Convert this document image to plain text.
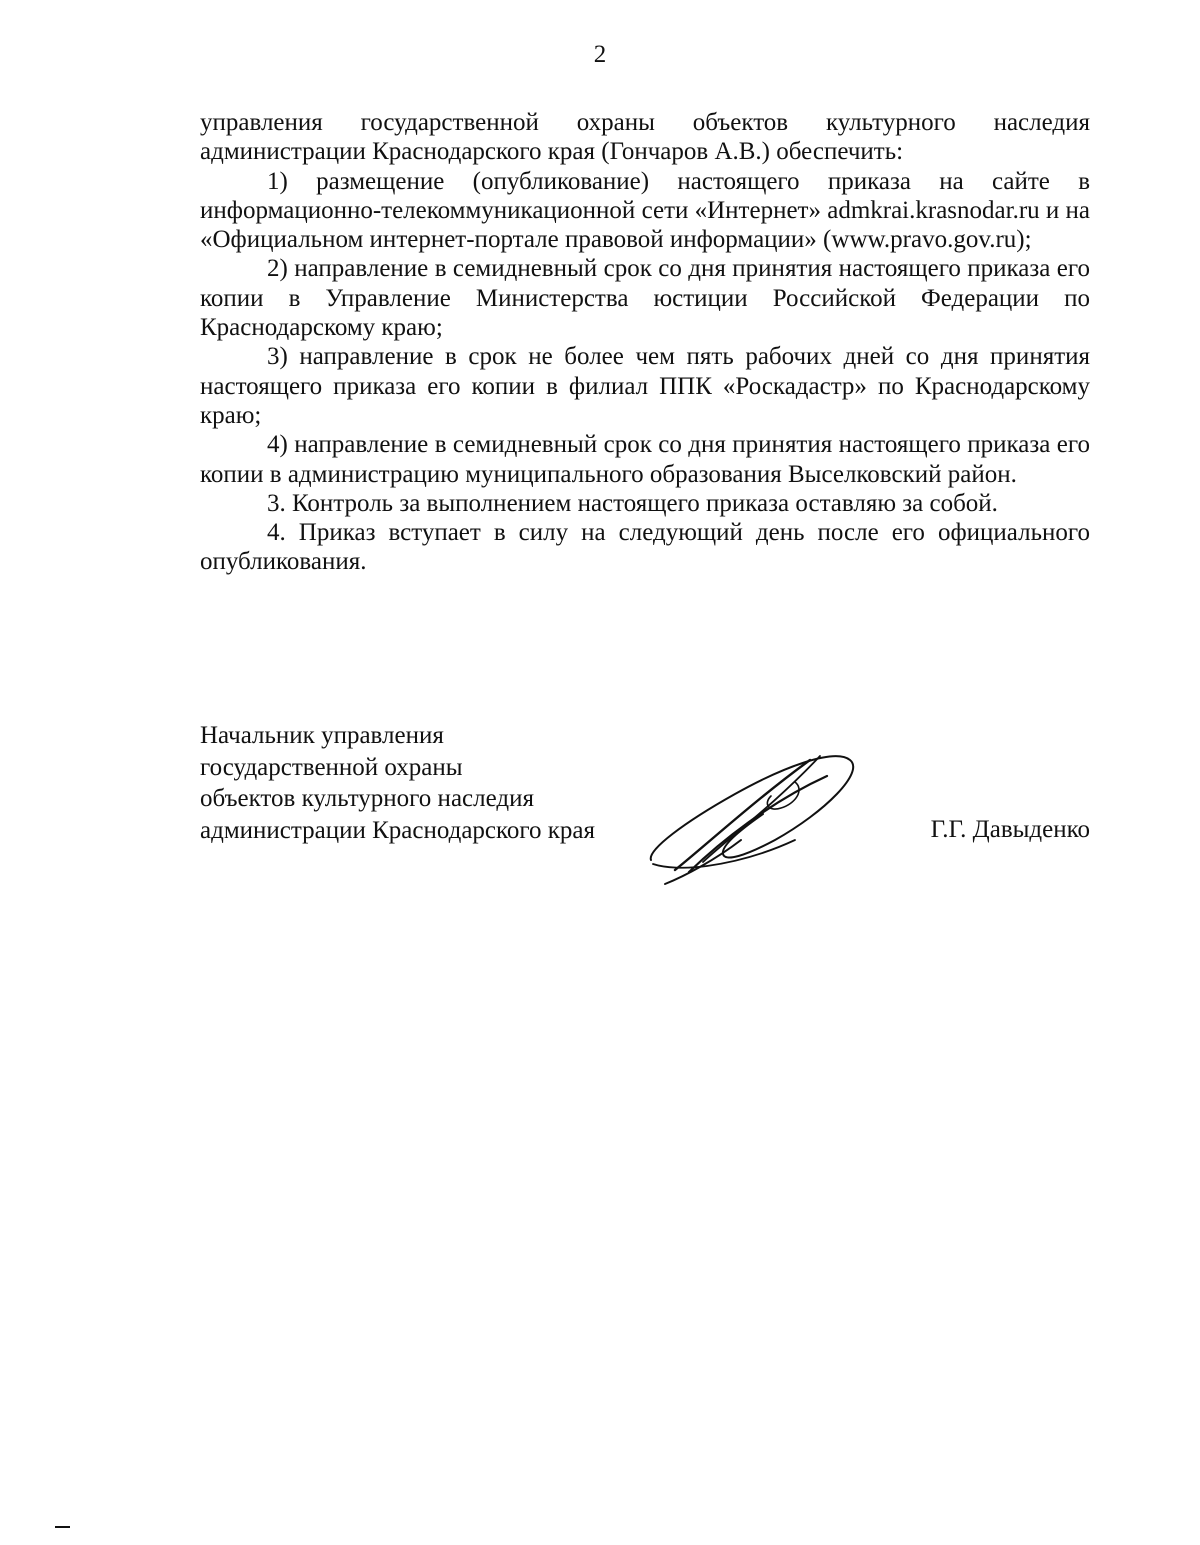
2

управления государственной охраны объектов культурного наследия администрации Краснодарского края (Гончаров А.В.) обеспечить:

1) размещение (опубликование) настоящего приказа на сайте в информационно-телекоммуникационной сети «Интернет» admkrai.krasnodar.ru и на «Официальном интернет-портале правовой информации» (www.pravo.gov.ru);

2) направление в семидневный срок со дня принятия настоящего приказа его копии в Управление Министерства юстиции Российской Федерации по Краснодарскому краю;

3) направление в срок не более чем пять рабочих дней со дня принятия настоящего приказа его копии в филиал ППК «Роскадастр» по Краснодарскому краю;

4) направление в семидневный срок со дня принятия настоящего приказа его копии в администрацию муниципального образования Выселковский район.

3. Контроль за выполнением настоящего приказа оставляю за собой.

4. Приказ вступает в силу на следующий день после его официального опубликования.

Начальник управления
государственной охраны
объектов культурного наследия
администрации Краснодарского края	Г.Г. Давыденко
